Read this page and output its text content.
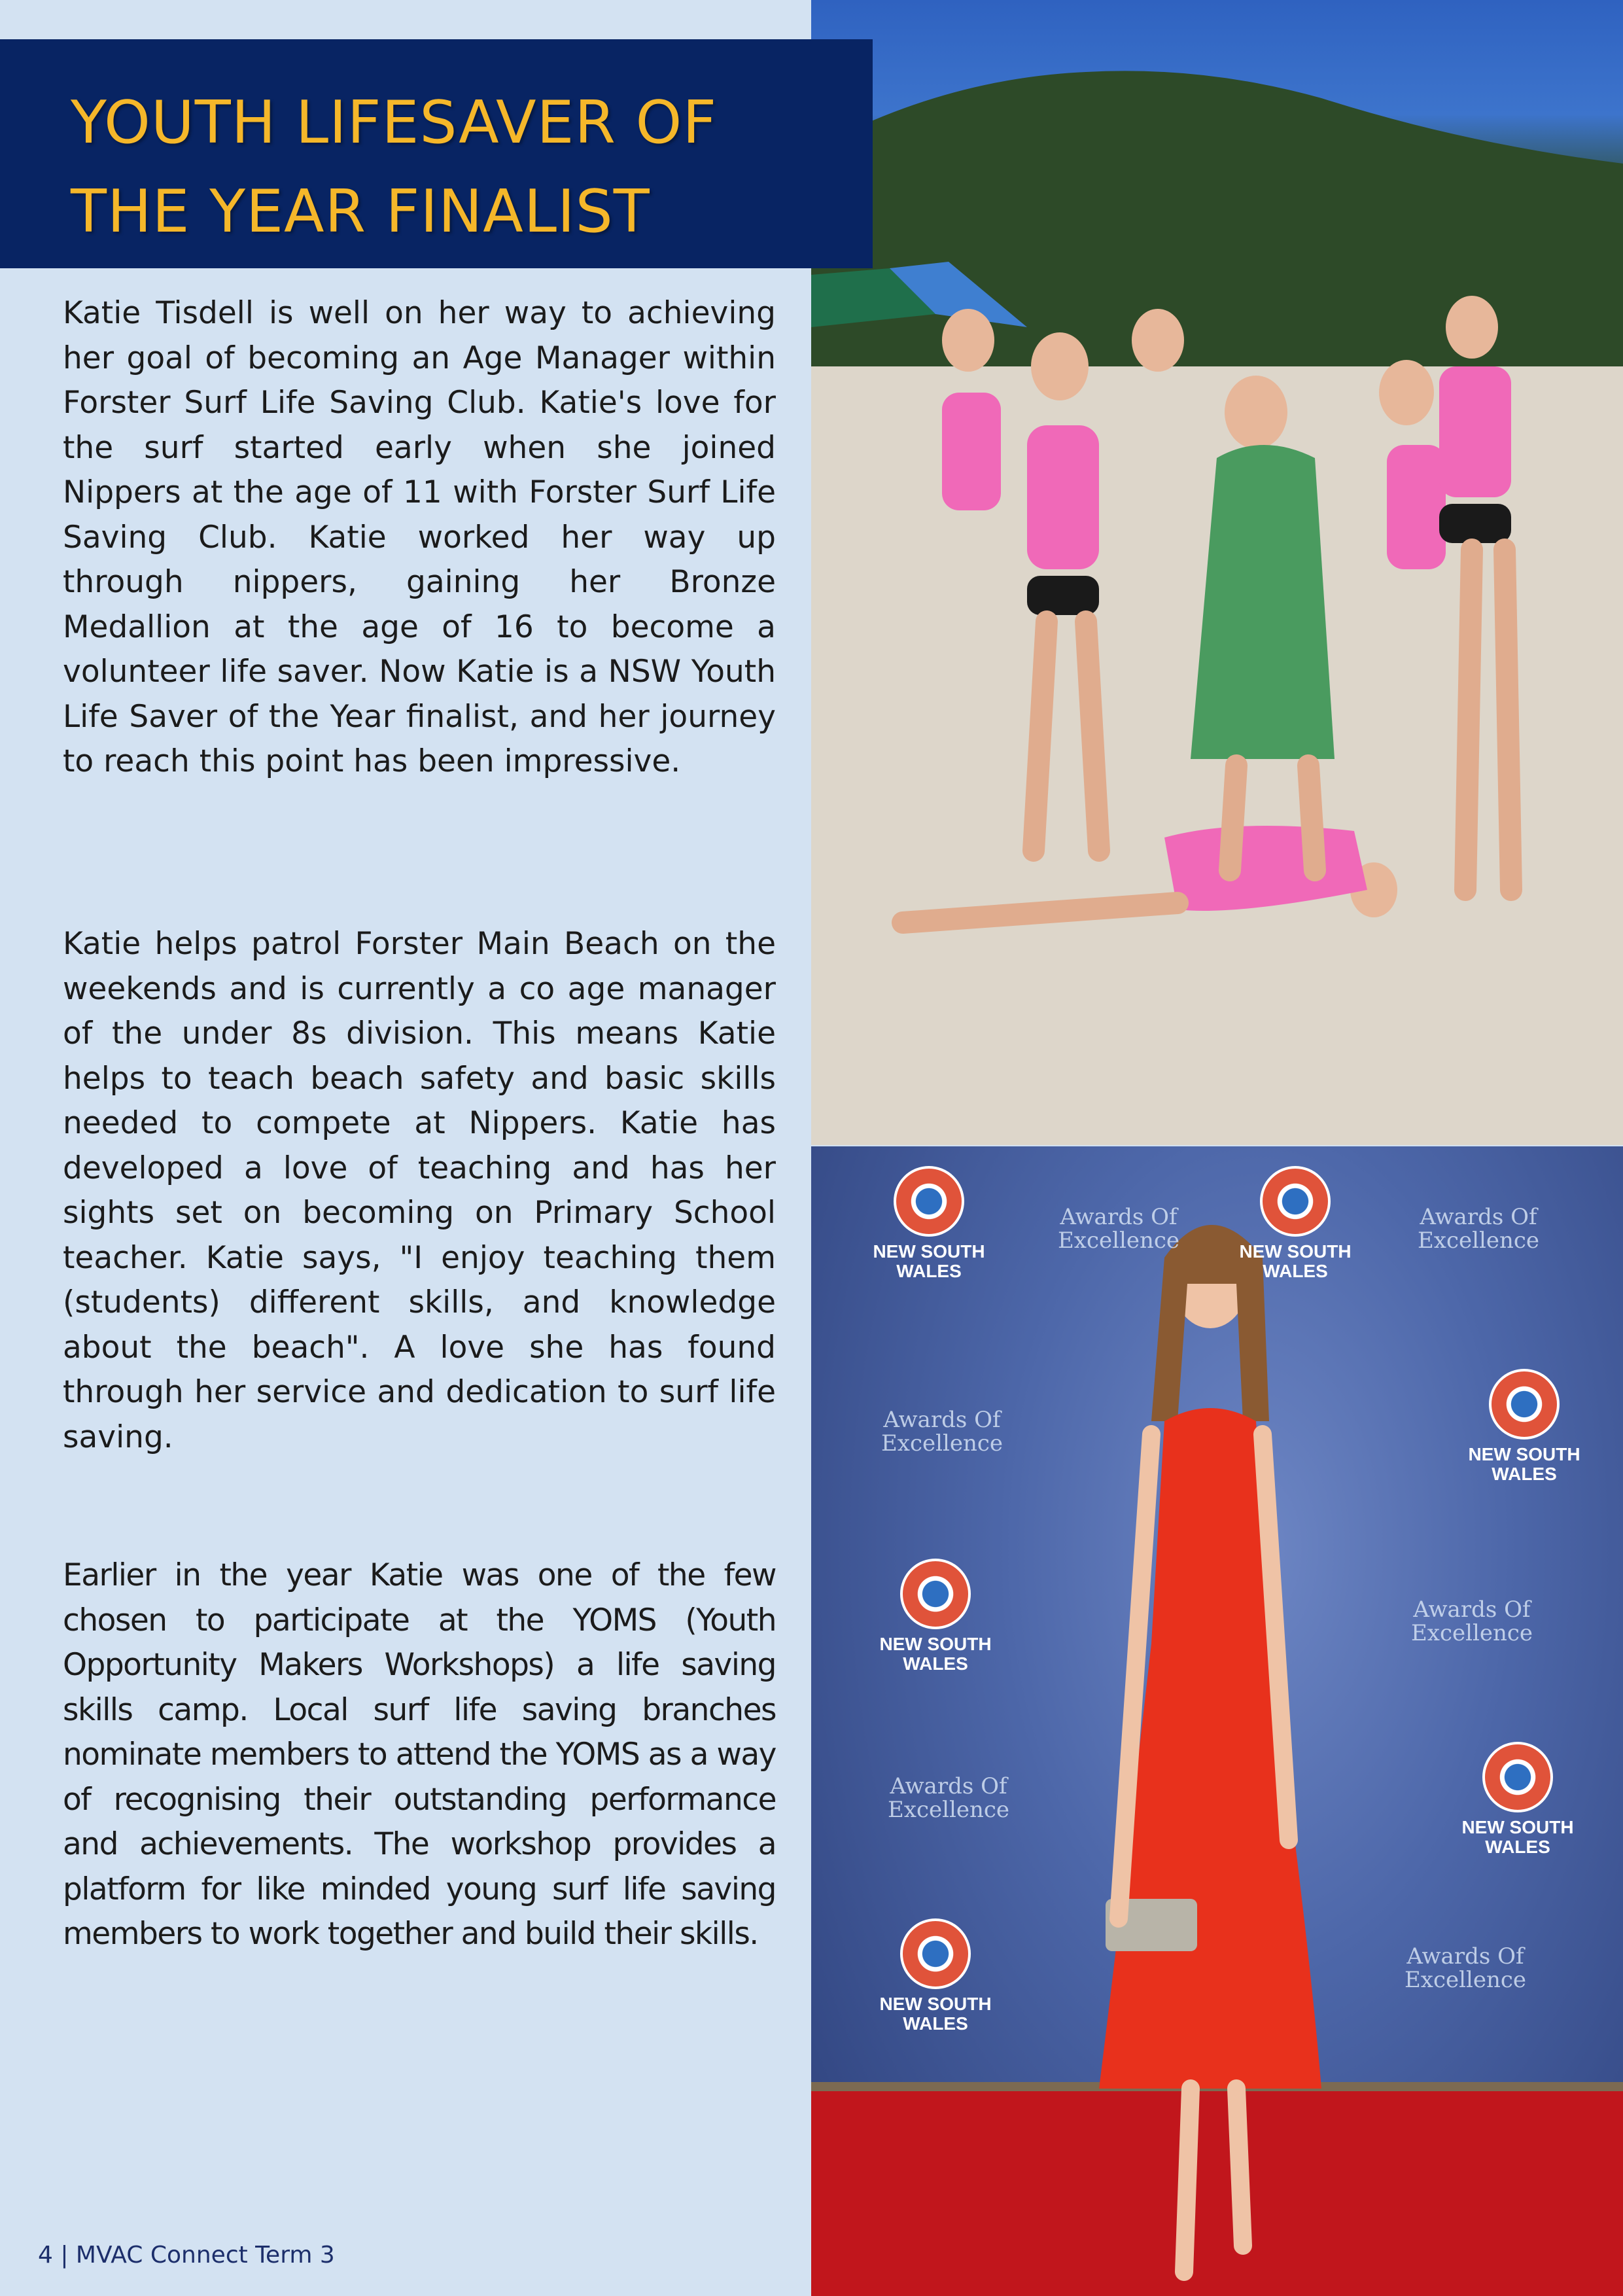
YOUTH LIFESAVER OF THE YEAR FINALIST

Katie Tisdell is well on her way to achieving her goal of becoming an Age Manager within Forster Surf Life Saving Club. Katie's love for the surf started early when she joined Nippers at the age of 11 with Forster Surf Life Saving Club. Katie worked her way up through nippers, gaining her Bronze Medallion at the age of 16 to become a volunteer life saver. Now Katie is a NSW Youth Life Saver of the Year finalist, and her journey to reach this point has been impressive.

Katie helps patrol Forster Main Beach on the weekends and is currently a co age manager of the under 8s division. This means Katie helps to teach beach safety and basic skills needed to compete at Nippers. Katie has developed a love of teaching and has her sights set on becoming on Primary School teacher. Katie says, "I enjoy teaching them (students) different skills, and knowledge about the beach". A love she has found through her service and dedication to surf life saving.

Earlier in the year Katie was one of the few chosen to participate at the YOMS (Youth Opportunity Makers Workshops) a life saving skills camp. Local surf life saving branches nominate members to attend the YOMS as a way of recognising their outstanding performance and achievements. The workshop provides a platform for like minded young surf life saving members to work together and build their skills.

4 | MVAC Connect Term 3
NEW SOUTH WALES
NEW SOUTH WALES
NEW SOUTH WALES
NEW SOUTH WALES
NEW SOUTH WALES
NEW SOUTH WALES
Awards Of Excellence
Awards Of Excellence
Awards Of Excellence
Awards Of Excellence
Awards Of Excellence
Awards Of Excellence
